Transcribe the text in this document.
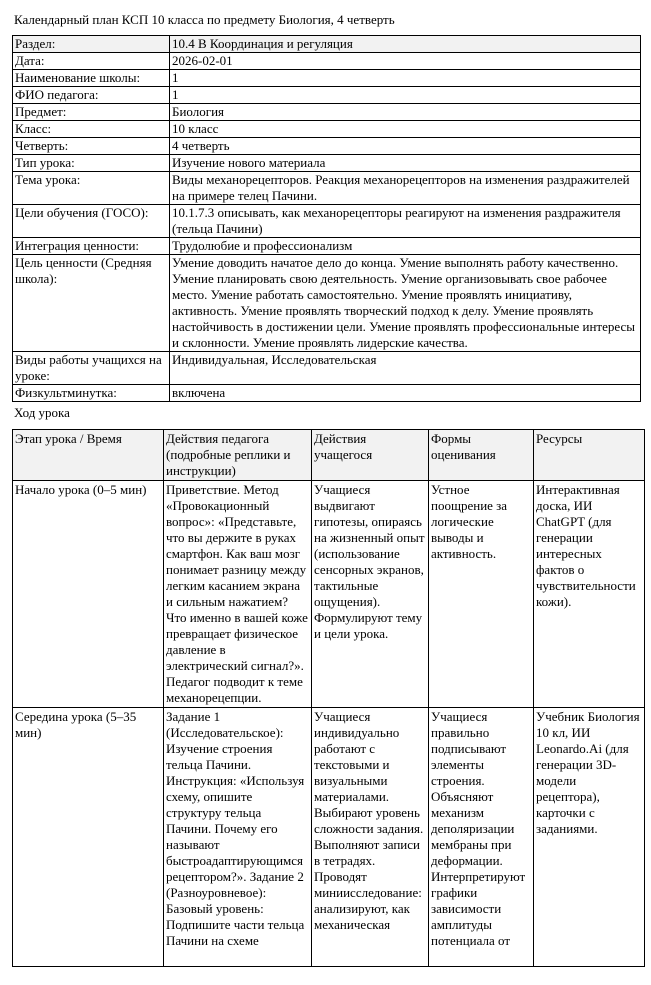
Календарный план КСП 10 класса по предмету Биология, 4 четверть
Раздел:	10.4 В Координация и регуляция
Дата:	2026-02-01
Наименование школы:	1
ФИО педагога:	1
Предмет:	Биология
Класс:	10 класс
Четверть:	4 четверть
Тип урока:	Изучение нового материала
Тема урока:	Виды механорецепторов. Реакция механорецепторов на изменения раздражителей на примере телец Пачини.
Цели обучения (ГОСО):	10.1.7.3 описывать, как механорецепторы реагируют на изменения раздражителя (тельца Пачини)
Интеграция ценности:	Трудолюбие и профессионализм
Цель ценности (Средняя школа):	Умение доводить начатое дело до конца. Умение выполнять работу качественно. Умение планировать свою деятельность. Умение организовывать свое рабочее место. Умение работать самостоятельно. Умение проявлять инициативу, активность. Умение проявлять творческий подход к делу. Умение проявлять настойчивость в достижении цели. Умение проявлять профессиональные интересы и склонности. Умение проявлять лидерские качества.
Виды работы учащихся на уроке:	Индивидуальная, Исследовательская
Физкультминутка:	включена
Ход урока
Этап урока / Время	Действия педагога (подробные реплики и инструкции)	Действия учащегося	Формы оценивания	Ресурсы
Начало урока (0–5 мин)	Приветствие. Метод «Провокационный вопрос»: «Представьте, что вы держите в руках смартфон. Как ваш мозг понимает разницу между легким касанием экрана и сильным нажатием? Что именно в вашей коже превращает физическое давление в электрический сигнал?». Педагог подводит к теме механорецепции.	Учащиеся выдвигают гипотезы, опираясь на жизненный опыт (использование сенсорных экранов, тактильные ощущения). Формулируют тему и цели урока.	Устное поощрение за логические выводы и активность.	Интерактивная доска, ИИ ChatGPT (для генерации интересных фактов о чувствительности кожи).
Середина урока (5–35 мин)	Задание 1 (Исследовательское): Изучение строения тельца Пачини. Инструкция: «Используя схему, опишите структуру тельца Пачини. Почему его называют быстроадаптирующимся рецептором?». Задание 2 (Разноуровневое): Базовый уровень: Подпишите части тельца Пачини на схеме	Учащиеся индивидуально работают с текстовыми и визуальными материалами. Выбирают уровень сложности задания. Выполняют записи в тетрадях. Проводят миниисследование: анализируют, как механическая	Учащиеся правильно подписывают элементы строения. Объясняют механизм деполяризации мембраны при деформации. Интерпретируют графики зависимости амплитуды потенциала от	Учебник Биология 10 кл, ИИ Leonardo.Ai (для генерации 3D-модели рецептора), карточки с заданиями.
